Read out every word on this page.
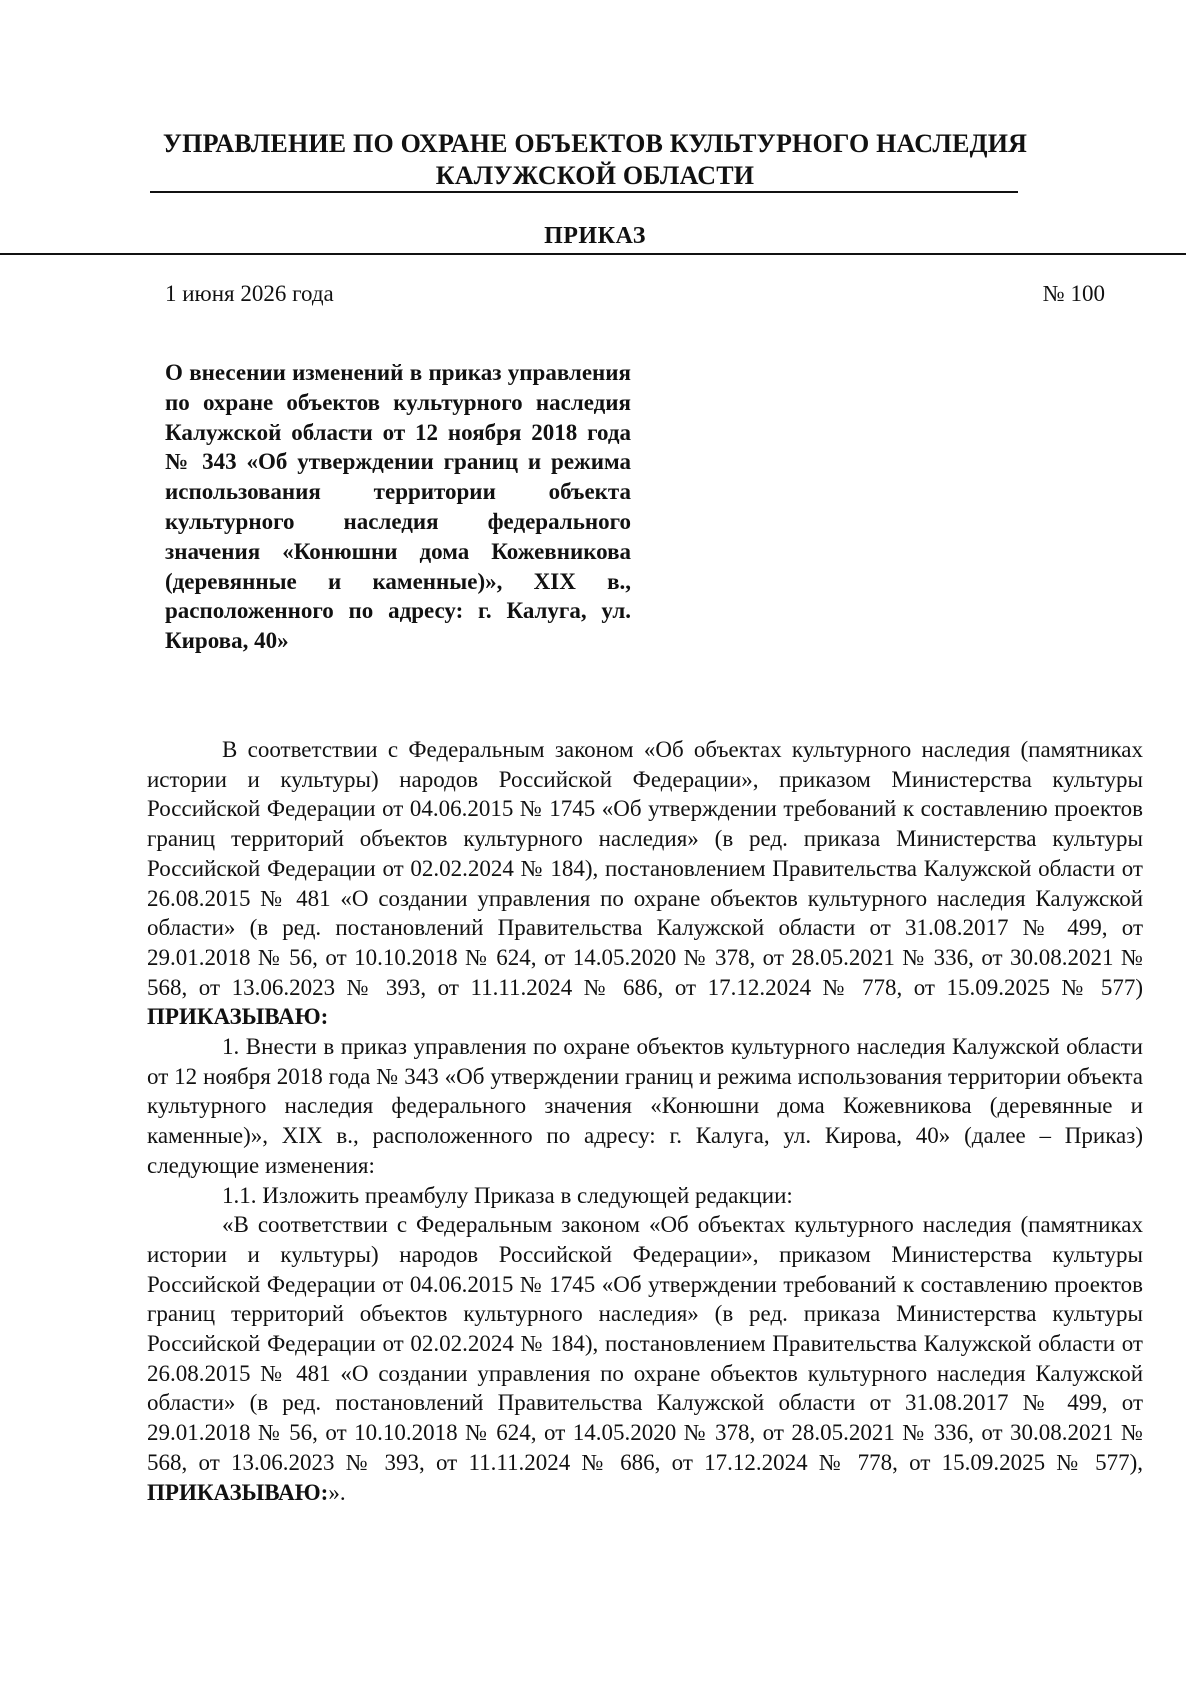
УПРАВЛЕНИЕ ПО ОХРАНЕ ОБЪЕКТОВ КУЛЬТУРНОГО НАСЛЕДИЯ
КАЛУЖСКОЙ ОБЛАСТИ
ПРИКАЗ
1 июня 2026 года	№ 100
О внесении изменений в приказ управления по охране объектов культурного наследия Калужской области от 12 ноября 2018 года № 343 «Об утверждении границ и режима использования территории объекта культурного наследия федерального значения «Конюшни дома Кожевникова (деревянные и каменные)», XIX в., расположенного по адресу: г. Калуга, ул. Кирова, 40»

В соответствии с Федеральным законом «Об объектах культурного наследия (памятниках истории и культуры) народов Российской Федерации», приказом Министерства культуры Российской Федерации от 04.06.2015 № 1745 «Об утверждении требований к составлению проектов границ территорий объектов культурного наследия» (в ред. приказа Министерства культуры Российской Федерации от 02.02.2024 № 184), постановлением Правительства Калужской области от 26.08.2015 № 481 «О создании управления по охране объектов культурного наследия Калужской области» (в ред. постановлений Правительства Калужской области от 31.08.2017 № 499, от 29.01.2018 № 56, от 10.10.2018 № 624, от 14.05.2020 № 378, от 28.05.2021 № 336, от 30.08.2021 № 568, от 13.06.2023 № 393, от 11.11.2024 № 686, от 17.12.2024 № 778, от 15.09.2025 № 577) ПРИКАЗЫВАЮ:

1. Внести в приказ управления по охране объектов культурного наследия Калужской области от 12 ноября 2018 года № 343 «Об утверждении границ и режима использования территории объекта культурного наследия федерального значения «Конюшни дома Кожевникова (деревянные и каменные)», XIX в., расположенного по адресу: г. Калуга, ул. Кирова, 40» (далее – Приказ) следующие изменения:

1.1. Изложить преамбулу Приказа в следующей редакции:

«В соответствии с Федеральным законом «Об объектах культурного наследия (памятниках истории и культуры) народов Российской Федерации», приказом Министерства культуры Российской Федерации от 04.06.2015 № 1745 «Об утверждении требований к составлению проектов границ территорий объектов культурного наследия» (в ред. приказа Министерства культуры Российской Федерации от 02.02.2024 № 184), постановлением Правительства Калужской области от 26.08.2015 № 481 «О создании управления по охране объектов культурного наследия Калужской области» (в ред. постановлений Правительства Калужской области от 31.08.2017 № 499, от 29.01.2018 № 56, от 10.10.2018 № 624, от 14.05.2020 № 378, от 28.05.2021 № 336, от 30.08.2021 № 568, от 13.06.2023 № 393, от 11.11.2024 № 686, от 17.12.2024 № 778, от 15.09.2025 № 577), ПРИКАЗЫВАЮ:».
